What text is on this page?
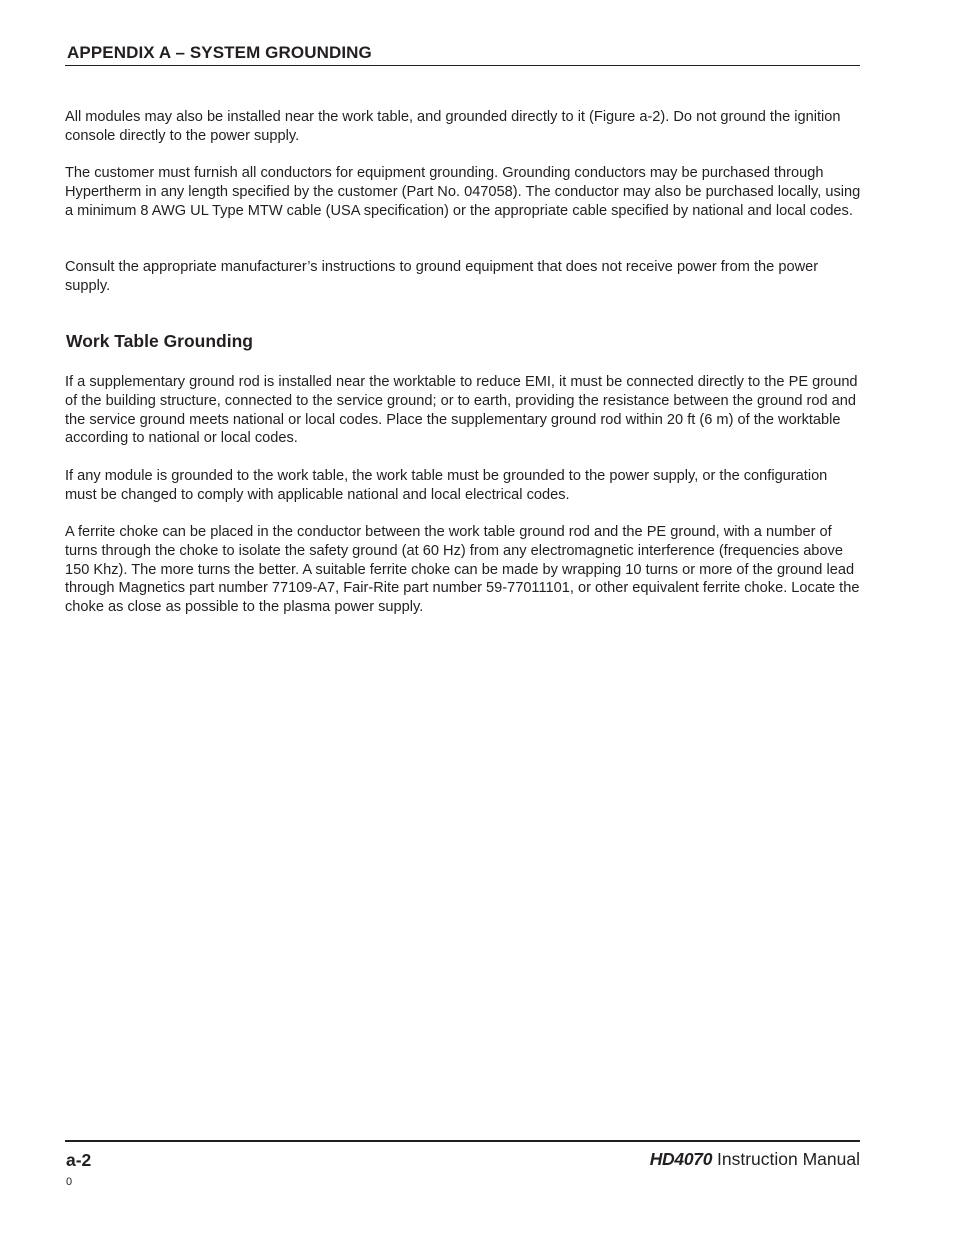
APPENDIX A – SYSTEM GROUNDING

All modules may also be installed near the work table, and grounded directly to it (Figure a-2). Do not ground the ignition console directly to the power supply.

The customer must furnish all conductors for equipment grounding. Grounding conductors may be purchased through Hypertherm in any length specified by the customer (Part No. 047058). The conductor may also be purchased locally, using a minimum 8 AWG UL Type MTW cable (USA specification) or the appropriate cable specified by national and local codes.

Consult the appropriate manufacturer’s instructions to ground equipment that does not receive power from the power supply.

Work Table Grounding

If a supplementary ground rod is installed near the worktable to reduce EMI, it must be connected directly to the PE ground of the building structure, connected to the service ground; or to earth, providing the resistance between the ground rod and the service ground meets national or local codes. Place the supplementary ground rod within 20 ft (6 m) of the worktable according to national or local codes.

If any module is grounded to the work table, the work table must be grounded to the power supply, or the configuration must be changed to comply with applicable national and local electrical codes.

A ferrite choke can be placed in the conductor between the work table ground rod and the PE ground, with a number of turns through the choke to isolate the safety ground (at 60 Hz) from any electromagnetic interference (frequencies above 150 Khz). The more turns the better. A suitable ferrite choke can be made by wrapping 10 turns or more of the ground lead through Magnetics part number 77109-A7, Fair-Rite part number 59-77011101, or other equivalent ferrite choke. Locate the choke as close as possible to the plasma power supply.

a-2	HD4070 Instruction Manual
0
